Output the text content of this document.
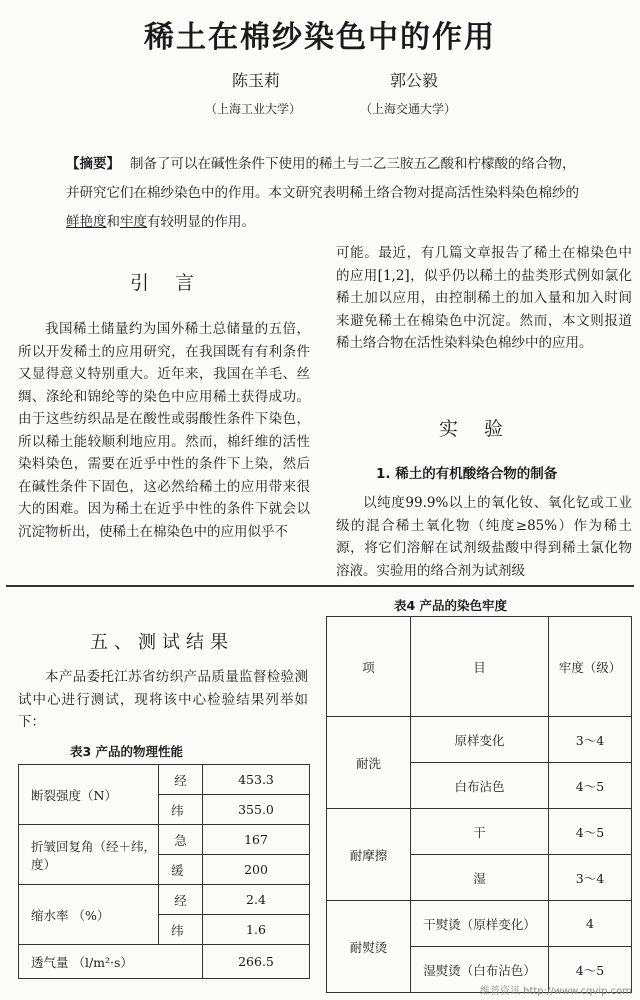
稀土在棉纱染色中的作用
陈玉莉	郭公毅
（上海工业大学）	（上海交通大学）
【摘要】 制备了可以在碱性条件下使用的稀土与二乙三胺五乙酸和柠檬酸的络合物，并研究它们在棉纱染色中的作用。本文研究表明稀土络合物对提高活性染料染色棉纱的鲜艳度和牢度有较明显的作用。
引言
我国稀土储量约为国外稀土总储量的五倍，所以开发稀土的应用研究，在我国既有有利条件又显得意义特别重大。近年来，我国在羊毛、丝绸、涤纶和锦纶等的染色中应用稀土获得成功。由于这些纺织品是在酸性或弱酸性条件下染色，所以稀土能较顺利地应用。然而，棉纤维的活性染料染色，需要在近乎中性的条件下上染，然后在碱性条件下固色，这必然给稀土的应用带来很大的困难。因为稀土在近乎中性的条件下就会以沉淀物析出，使稀土在棉染色中的应用似乎不
可能。最近，有几篇文章报告了稀土在棉染色中的应用[1,2]，似乎仍以稀土的盐类形式例如氯化稀土加以应用，由控制稀土的加入量和加入时间来避免稀土在棉染色中沉淀。然而，本文则报道稀土络合物在活性染料染色棉纱中的应用。
实验
1. 稀土的有机酸络合物的制备
以纯度99.9%以上的氧化钕、氧化钇或工业级的混合稀土氧化物（纯度≥85%）作为稀土源，将它们溶解在试剂级盐酸中得到稀土氯化物溶液。实验用的络合剂为试剂级
五、测试结果
本产品委托江苏省纺织产品质量监督检验测试中心进行测试，现将该中心检验结果列举如下：
表3 产品的物理性能
断裂强度（N）	经	453.3
	纬	355.0
折皱回复角（经＋纬，度）	急	167
	缓	200
缩水率 （%）	经	2.4
	纬	1.6
透气量 （l/m²·s）		266.5
表4 产品的染色牢度
项	目	牢度（级）
耐洗	原样变化	3～4
	白布沾色	4～5
耐摩擦	干	4～5
	湿	3～4
耐熨烫	干熨烫（原样变化）	4
	湿熨烫（白布沾色）	4～5
维普资讯 http://www.cqvip.com
